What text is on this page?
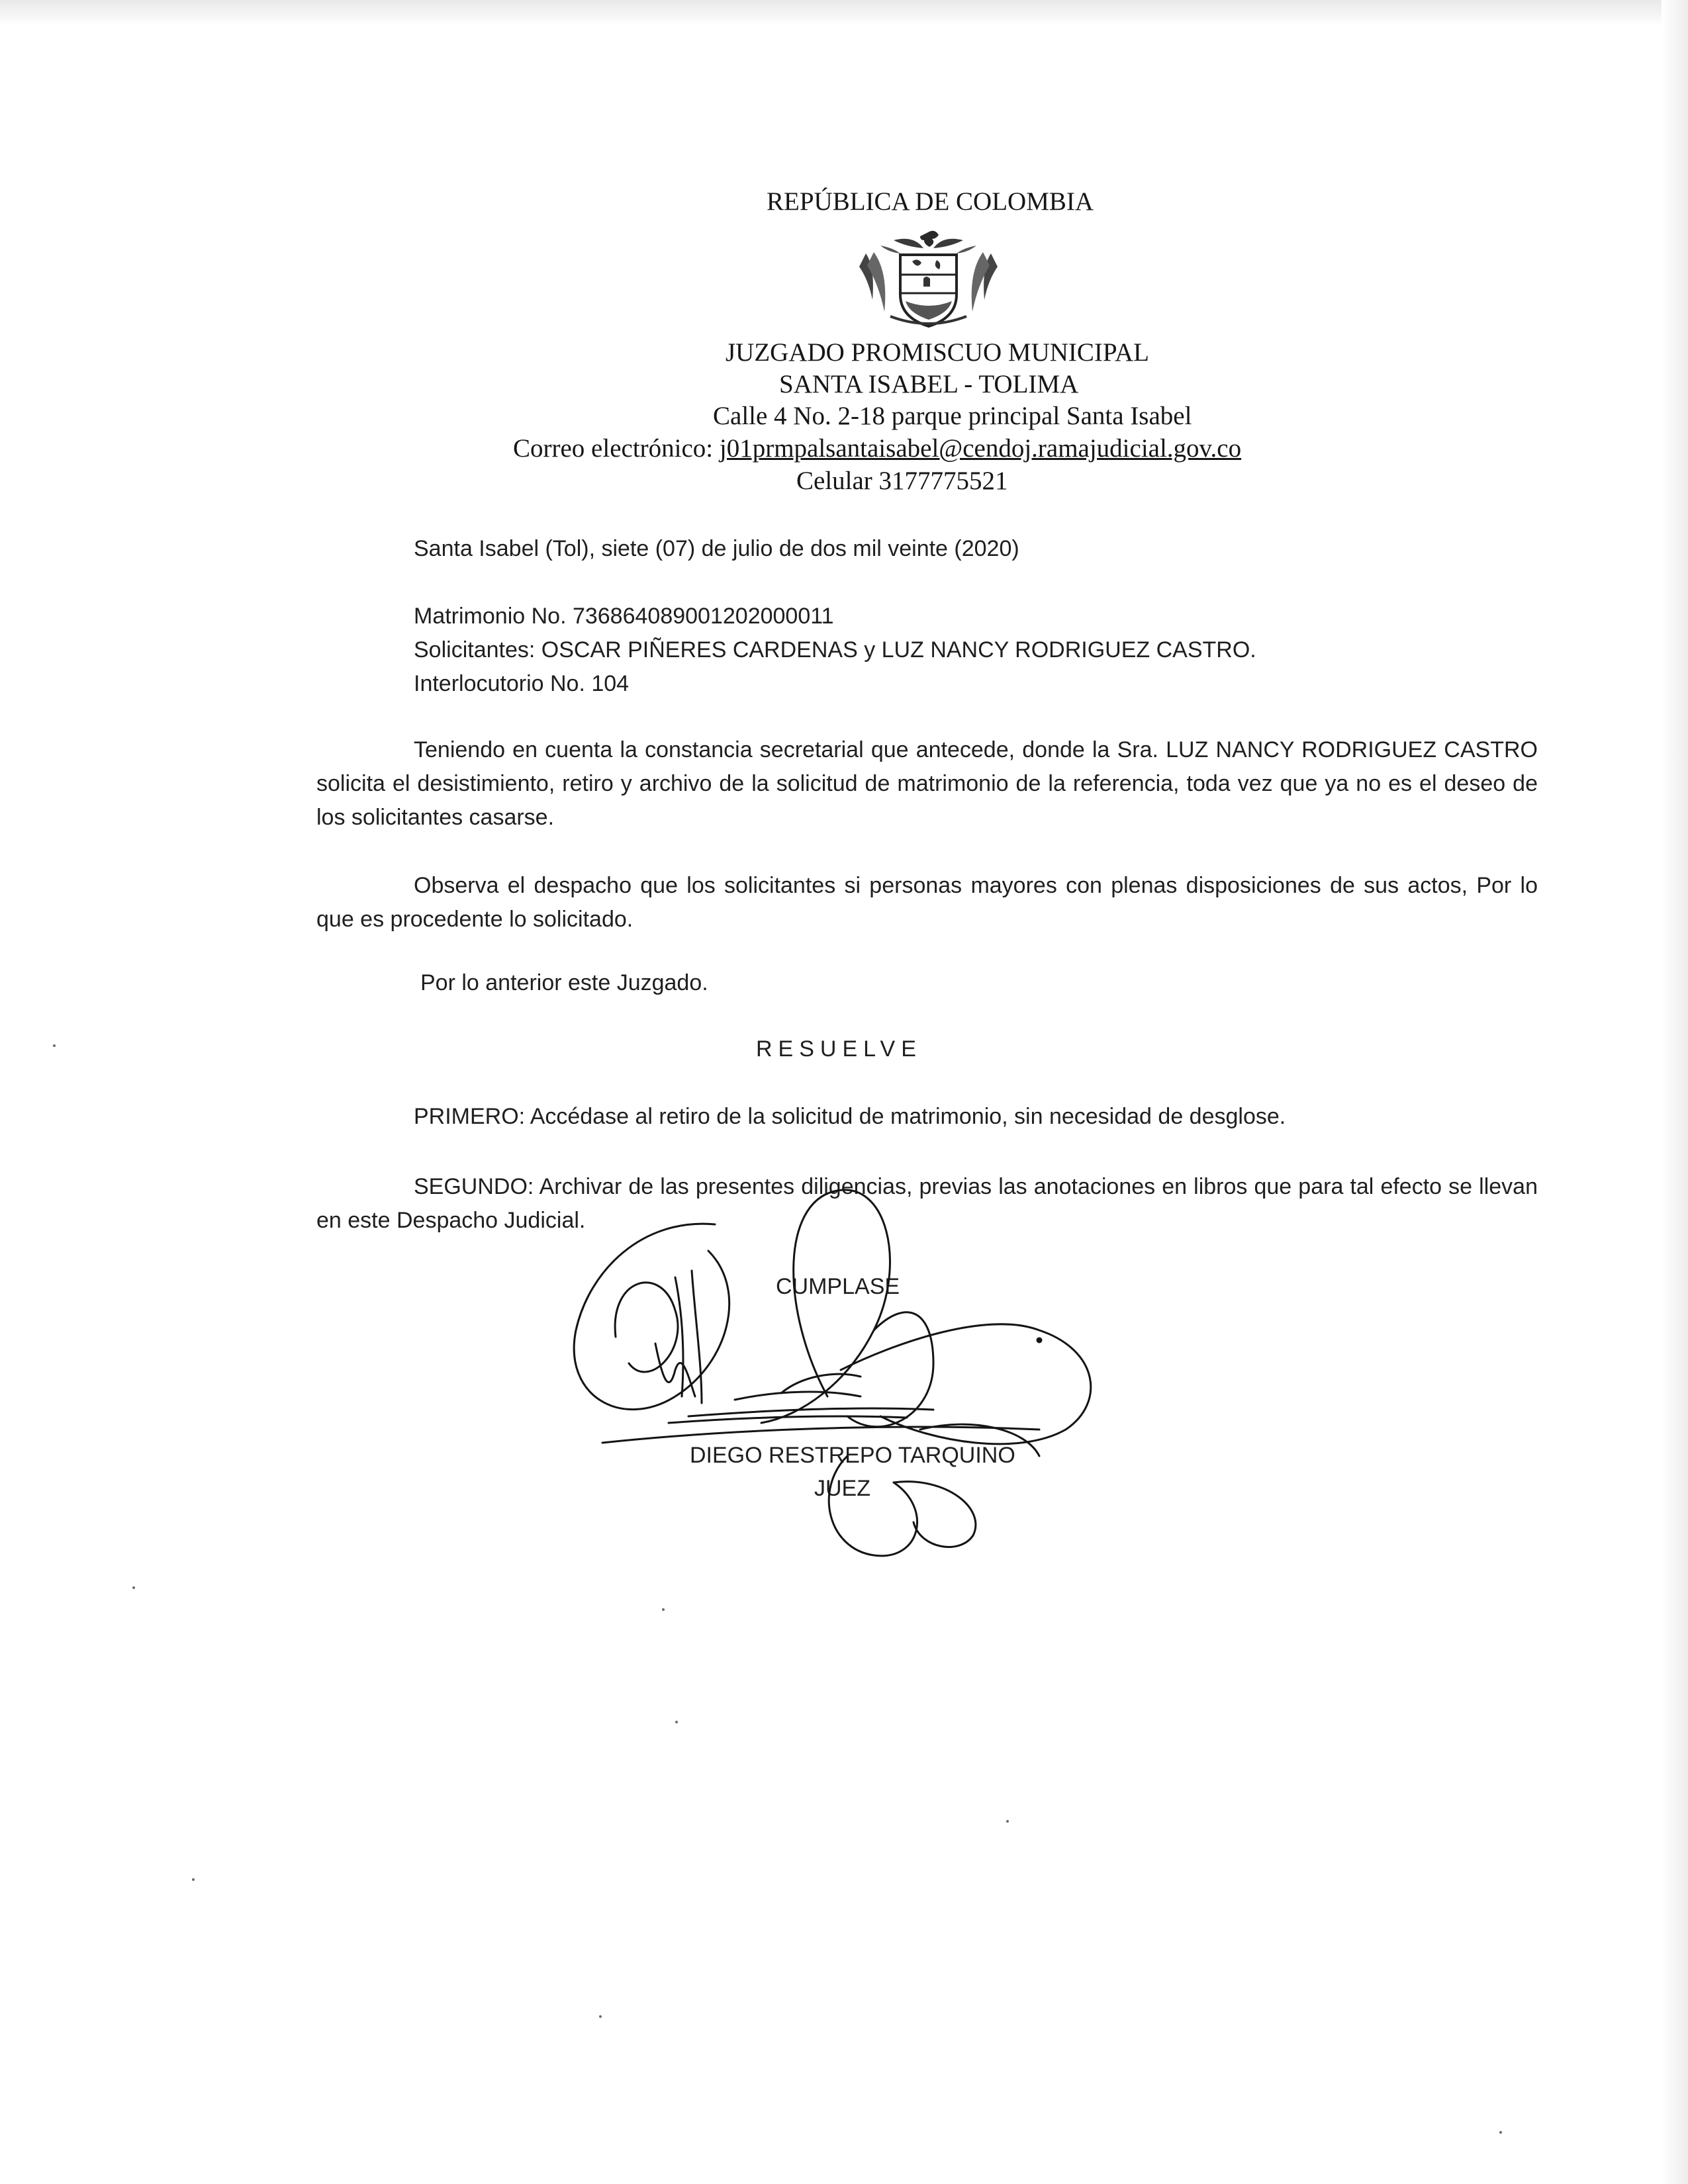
REPÚBLICA DE COLOMBIA
JUZGADO PROMISCUO MUNICIPAL
SANTA ISABEL - TOLIMA
Calle 4 No. 2-18 parque principal Santa Isabel
Correo electrónico: j01prmpalsantaisabel@cendoj.ramajudicial.gov.co
Celular 3177775521
Santa Isabel (Tol), siete (07) de julio de dos mil veinte (2020)
Matrimonio No. 73686408900120200001​1
Solicitantes: OSCAR PIÑERES CARDENAS y LUZ NANCY RODRIGUEZ CASTRO.
Interlocutorio No. 104
Teniendo en cuenta la constancia secretarial que antecede, donde la Sra. LUZ NANCY RODRIGUEZ CASTRO solicita el desistimiento, retiro y archivo de la solicitud de matrimonio de la referencia, toda vez que ya no es el deseo de los solicitantes casarse.
Observa el despacho que los solicitantes si personas mayores con plenas disposiciones de sus actos, Por lo que es procedente lo solicitado.
Por lo anterior este Juzgado.
RESUELVE
PRIMERO: Accédase al retiro de la solicitud de matrimonio, sin necesidad de desglose.
SEGUNDO: Archivar de las presentes diligencias, previas las anotaciones en libros que para tal efecto se llevan en este Despacho Judicial.
CUMPLASE
DIEGO RESTREPO TARQUINO
JUEZ
